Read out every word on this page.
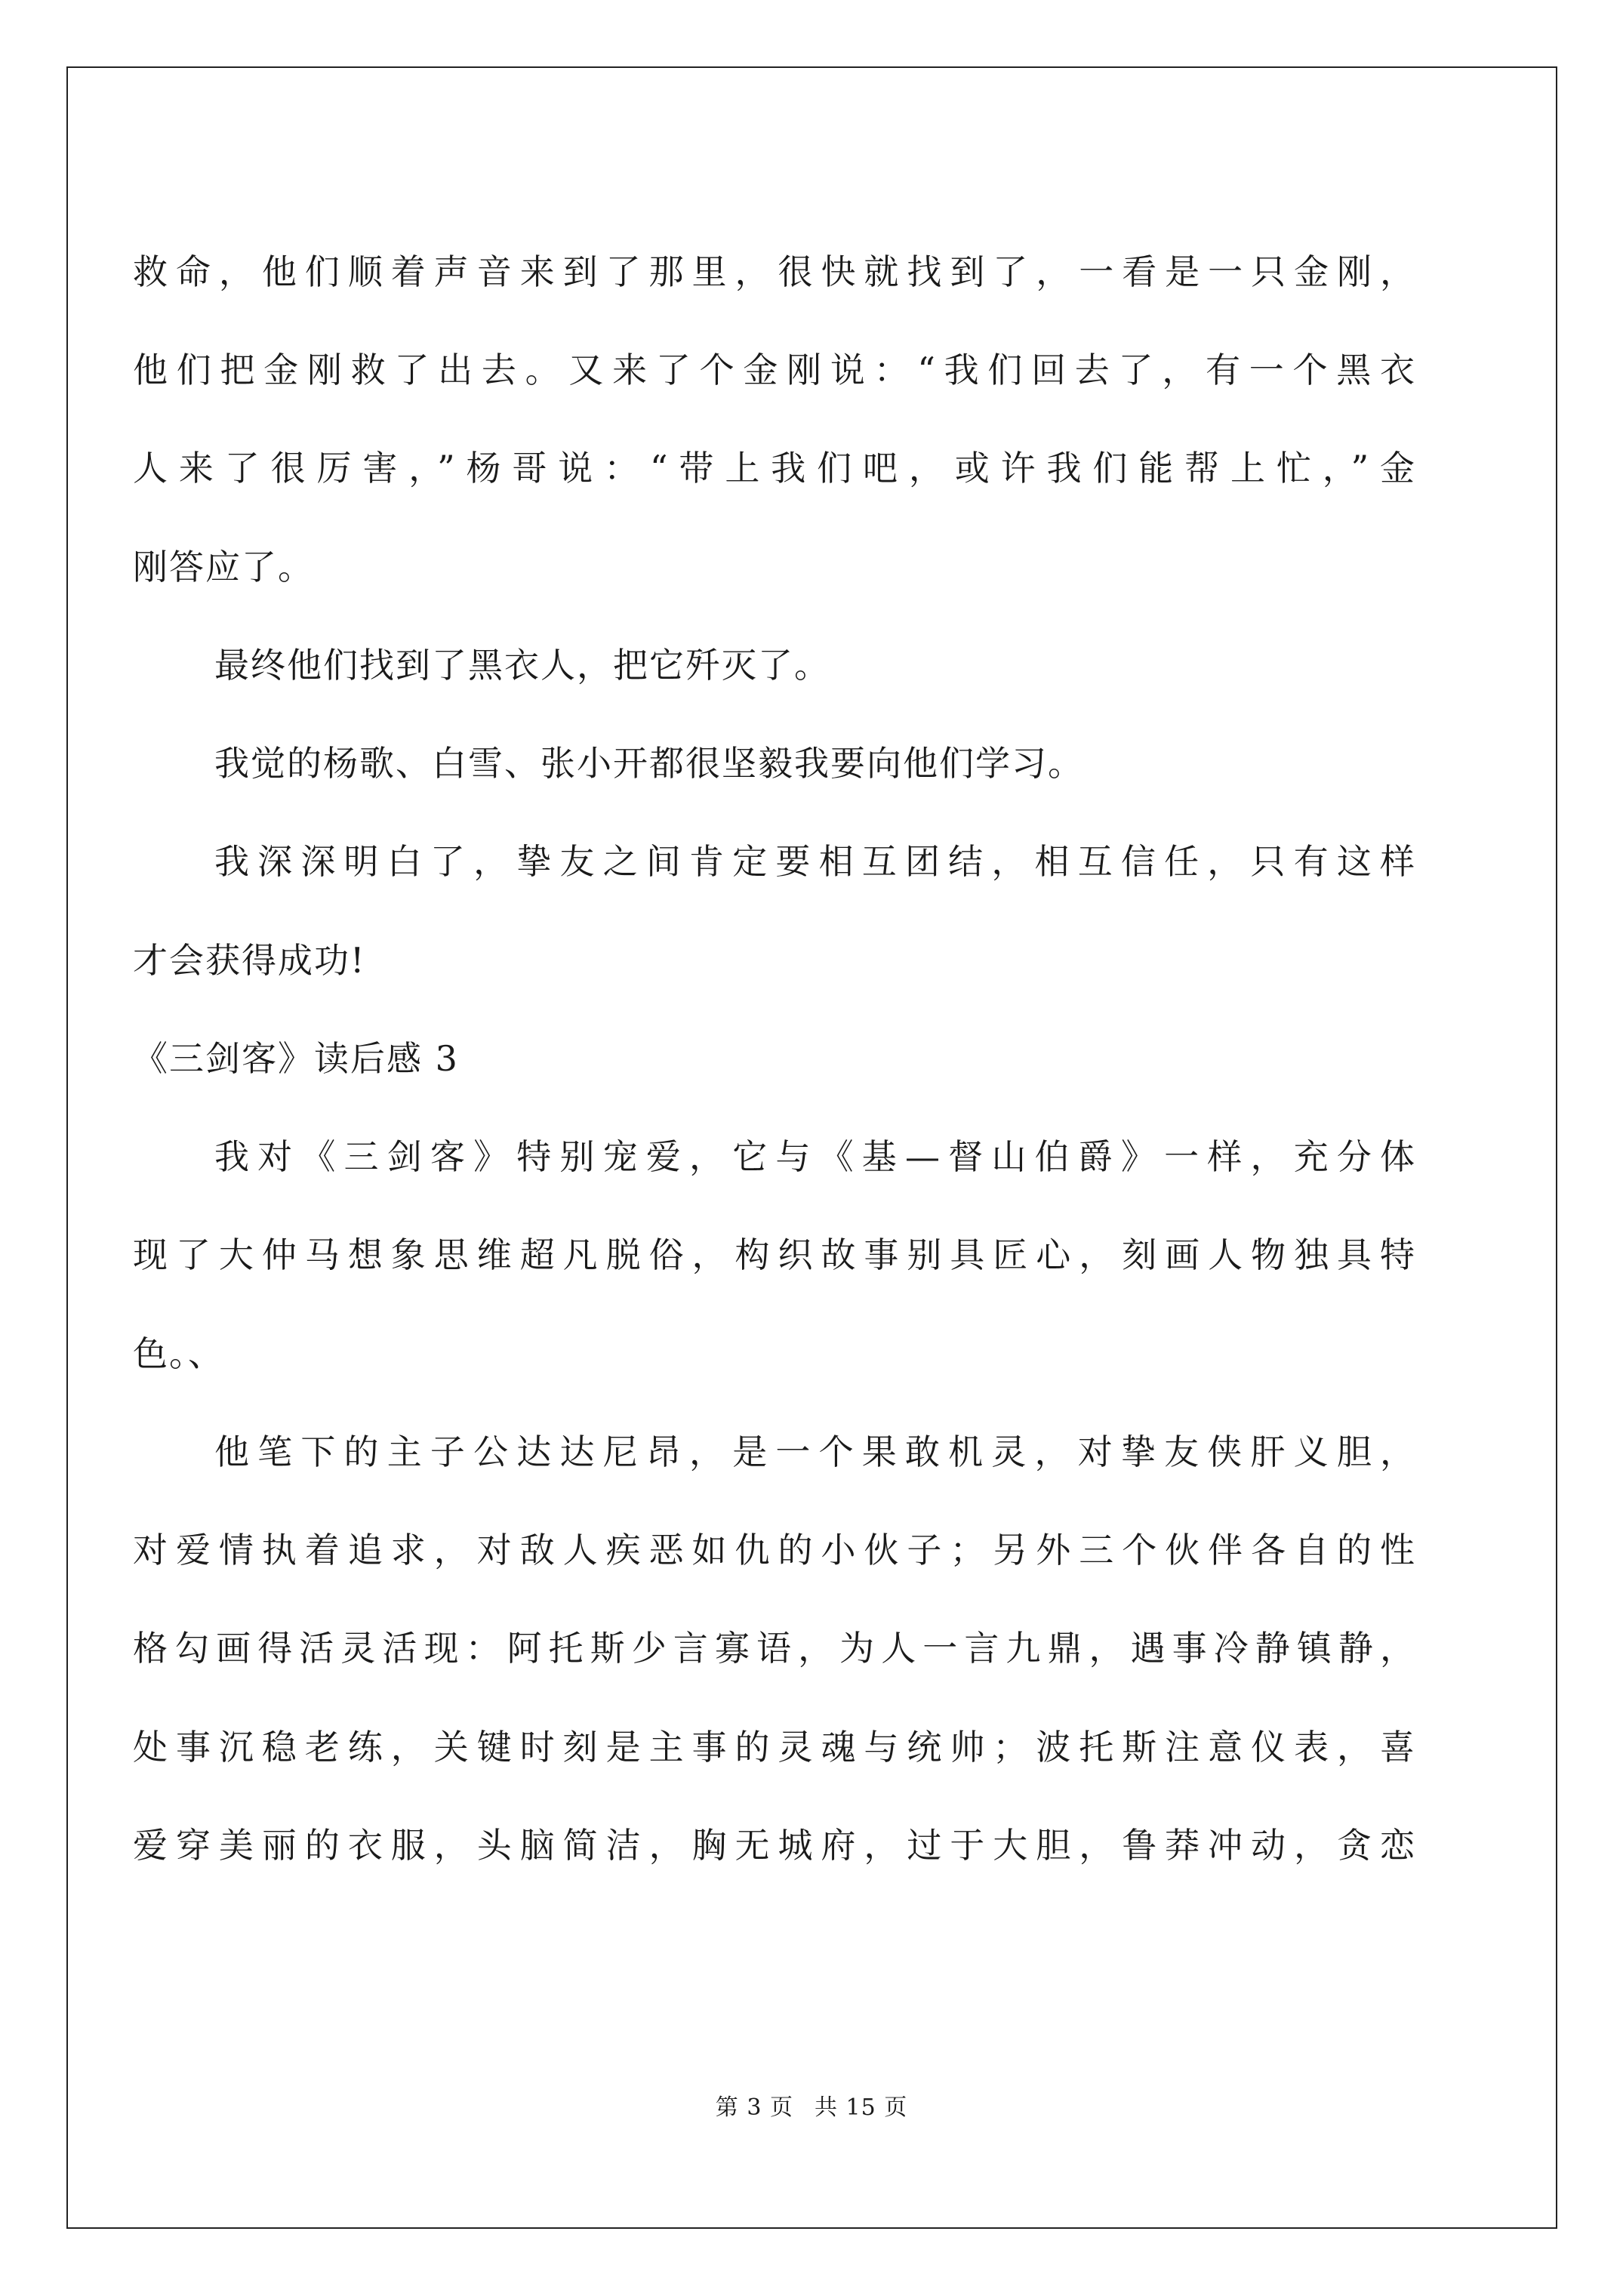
救命，他们顺着声音来到了那里，很快就找到了，一看是一只金刚，
他们把金刚救了出去。又来了个金刚说：“我们回去了，有一个黑衣
人来了很厉害，”杨哥说：“带上我们吧，或许我们能帮上忙，”金
刚答应了。
最终他们找到了黑衣人，把它歼灭了。
我觉的杨歌、白雪、张小开都很坚毅我要向他们学习。
我深深明白了，挚友之间肯定要相互团结，相互信任，只有这样
才会获得成功!
《三剑客》读后感 3
我对《三剑客》特别宠爱，它与《基—督山伯爵》一样，充分体
现了大仲马想象思维超凡脱俗，构织故事别具匠心，刻画人物独具特
色。、
他笔下的主子公达达尼昂，是一个果敢机灵，对挚友侠肝义胆，
对爱情执着追求，对敌人疾恶如仇的小伙子；另外三个伙伴各自的性
格勾画得活灵活现：阿托斯少言寡语，为人一言九鼎，遇事冷静镇静，
处事沉稳老练，关键时刻是主事的灵魂与统帅；波托斯注意仪表，喜
爱穿美丽的衣服，头脑简洁，胸无城府，过于大胆，鲁莽冲动，贪恋
第 3 页 共 15 页
